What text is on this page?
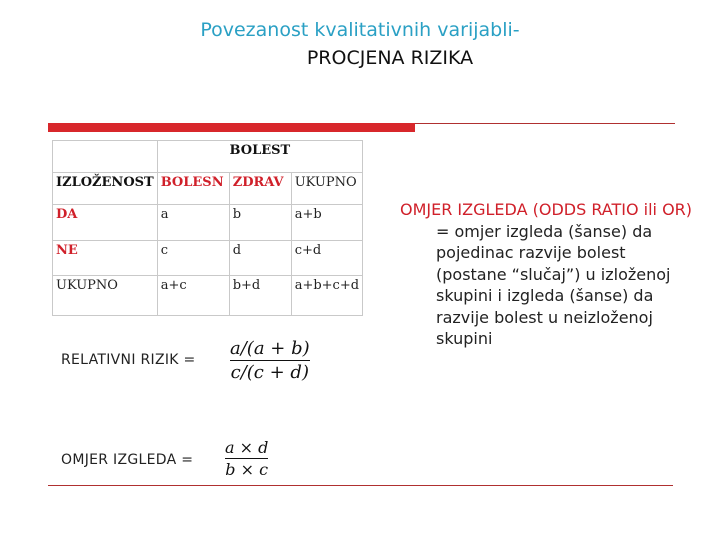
Povezanost kvalitativnih varijabli-
PROCJENA RIZIKA
	BOLEST		
IZLOŽENOST	BOLESN	ZDRAV	UKUPNO
DA	a	b	a+b
NE	c	d	c+d
UKUPNO	a+c	b+d	a+b+c+d
RELATIVNI RIZIK =
a/(a + b)
c/(c + d)
OMJER IZGLEDA =
a × d
b × c
OMJER IZGLEDA (ODDS RATIO ili OR)
= omjer izgleda (šanse) da pojedinac razvije bolest (postane “slučaj”) u izloženoj skupini i izgleda (šanse) da razvije bolest u neizloženoj skupini
